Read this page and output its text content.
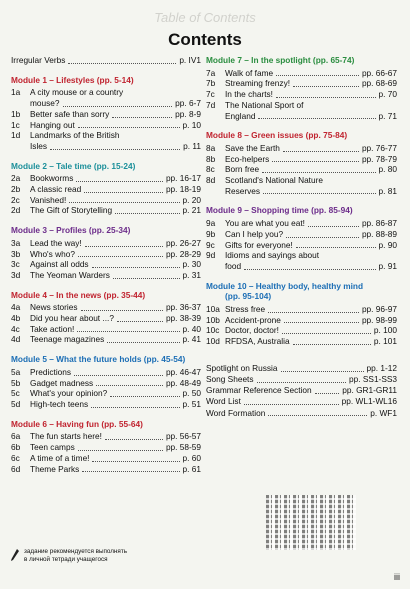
Table of Contents
Contents
Irregular Verbs	p. IV1
Module 1 – Lifestyles (pp. 5-14)
1a	A city mouse or a country
mouse?	pp. 6-7
1b	Better safe than sorry	pp. 8-9
1c	Hanging out	p. 10
1d	Landmarks of the British
Isles	p. 11
Module 2 – Tale time (pp. 15-24)
2a	Bookworms	pp. 16-17
2b	A classic read	pp. 18-19
2c	Vanished!	p. 20
2d	The Gift of Storytelling	p. 21
Module 3 – Profiles (pp. 25-34)
3a	Lead the way!	pp. 26-27
3b	Who's who?	pp. 28-29
3c	Against all odds	p. 30
3d	The Yeoman Warders	p. 31
Module 4 – In the news (pp. 35-44)
4a	News stories	pp. 36-37
4b	Did you hear about ...?	pp. 38-39
4c	Take action!	p. 40
4d	Teenage magazines	p. 41
Module 5 – What the future holds (pp. 45-54)
5a	Predictions	pp. 46-47
5b	Gadget madness	pp. 48-49
5c	What's your opinion?	p. 50
5d	High-tech teens	p. 51
Module 6 – Having fun (pp. 55-64)
6a	The fun starts here!	pp. 56-57
6b	Teen camps	pp. 58-59
6c	A time of a time!	p. 60
6d	Theme Parks	p. 61
Module 7 – In the spotlight (pp. 65-74)
7a	Walk of fame	pp. 66-67
7b	Streaming frenzy!	pp. 68-69
7c	In the charts!	p. 70
7d	The National Sport of
England	p. 71
Module 8 – Green issues (pp. 75-84)
8a	Save the Earth	pp. 76-77
8b	Eco-helpers	pp. 78-79
8c	Born free	p. 80
8d	Scotland's National Nature
Reserves	p. 81
Module 9 – Shopping time (pp. 85-94)
9a	You are what you eat!	pp. 86-87
9b	Can I help you?	pp. 88-89
9c	Gifts for everyone!	p. 90
9d	Idioms and sayings about
food	p. 91
Module 10 – Healthy body, healthy mind
(pp. 95-104)
10a Stress free	pp. 96-97
10b Accident-prone	pp. 98-99
10c Doctor, doctor!	p. 100
10d RFDSA, Australia	p. 101
Spotlight on Russia	pp. 1-12
Song Sheets	pp. SS1-SS3
Grammar Reference Section	pp. GR1-GR11
Word List	pp. WL1-WL16
Word Formation	p. WF1
задание рекомендуется выполнять
в личной тетради учащегося
iii
